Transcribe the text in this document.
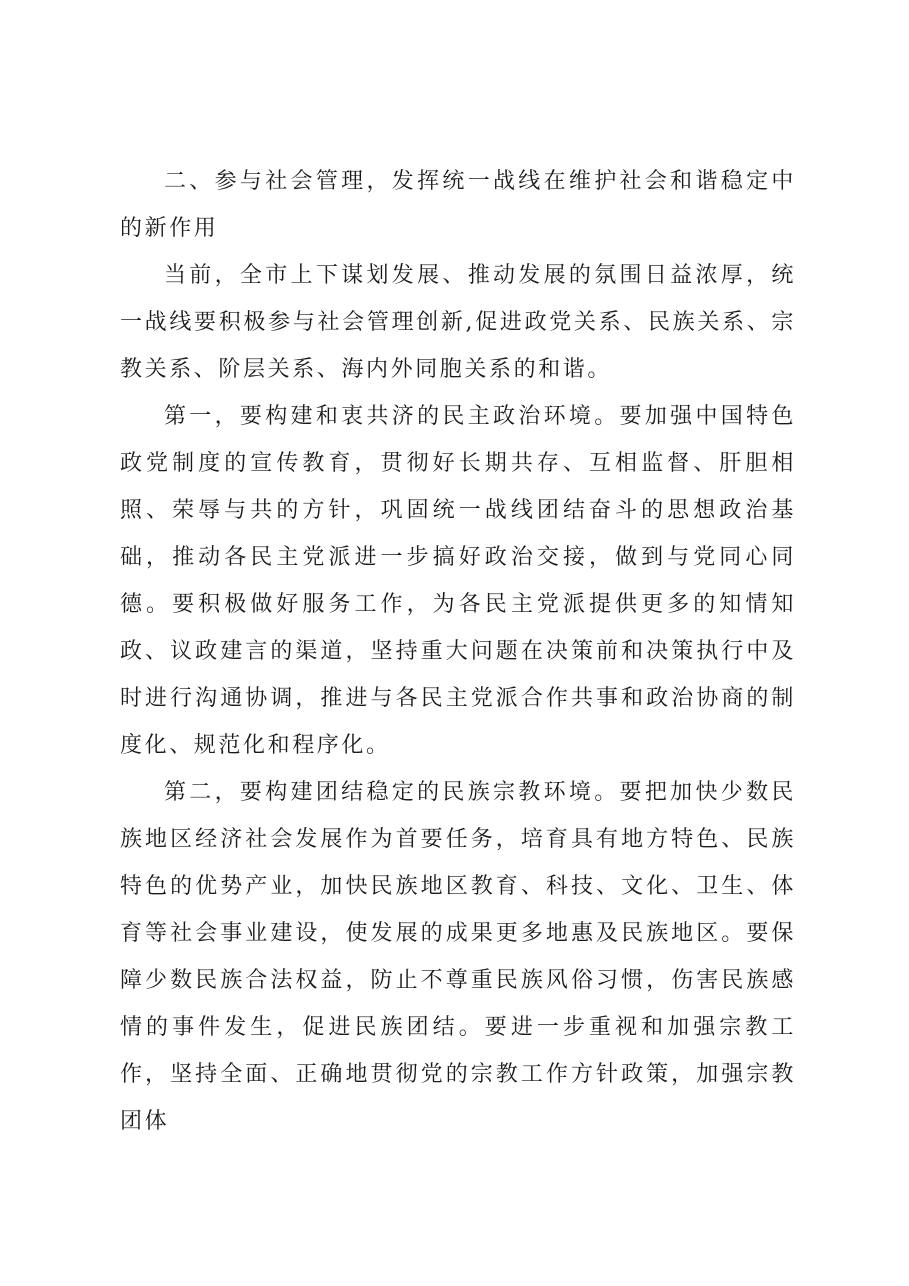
二、参与社会管理，发挥统一战线在维护社会和谐稳定中的新作用

当前，全市上下谋划发展、推动发展的氛围日益浓厚，统一战线要积极参与社会管理创新,促进政党关系、民族关系、宗教关系、阶层关系、海内外同胞关系的和谐。

第一，要构建和衷共济的民主政治环境。要加强中国特色政党制度的宣传教育，贯彻好长期共存、互相监督、肝胆相照、荣辱与共的方针，巩固统一战线团结奋斗的思想政治基础，推动各民主党派进一步搞好政治交接，做到与党同心同德。要积极做好服务工作，为各民主党派提供更多的知情知政、议政建言的渠道，坚持重大问题在决策前和决策执行中及时进行沟通协调，推进与各民主党派合作共事和政治协商的制度化、规范化和程序化。

第二，要构建团结稳定的民族宗教环境。要把加快少数民族地区经济社会发展作为首要任务，培育具有地方特色、民族特色的优势产业，加快民族地区教育、科技、文化、卫生、体育等社会事业建设，使发展的成果更多地惠及民族地区。要保障少数民族合法权益，防止不尊重民族风俗习惯，伤害民族感情的事件发生，促进民族团结。要进一步重视和加强宗教工作，坚持全面、正确地贯彻党的宗教工作方针政策，加强宗教团体
